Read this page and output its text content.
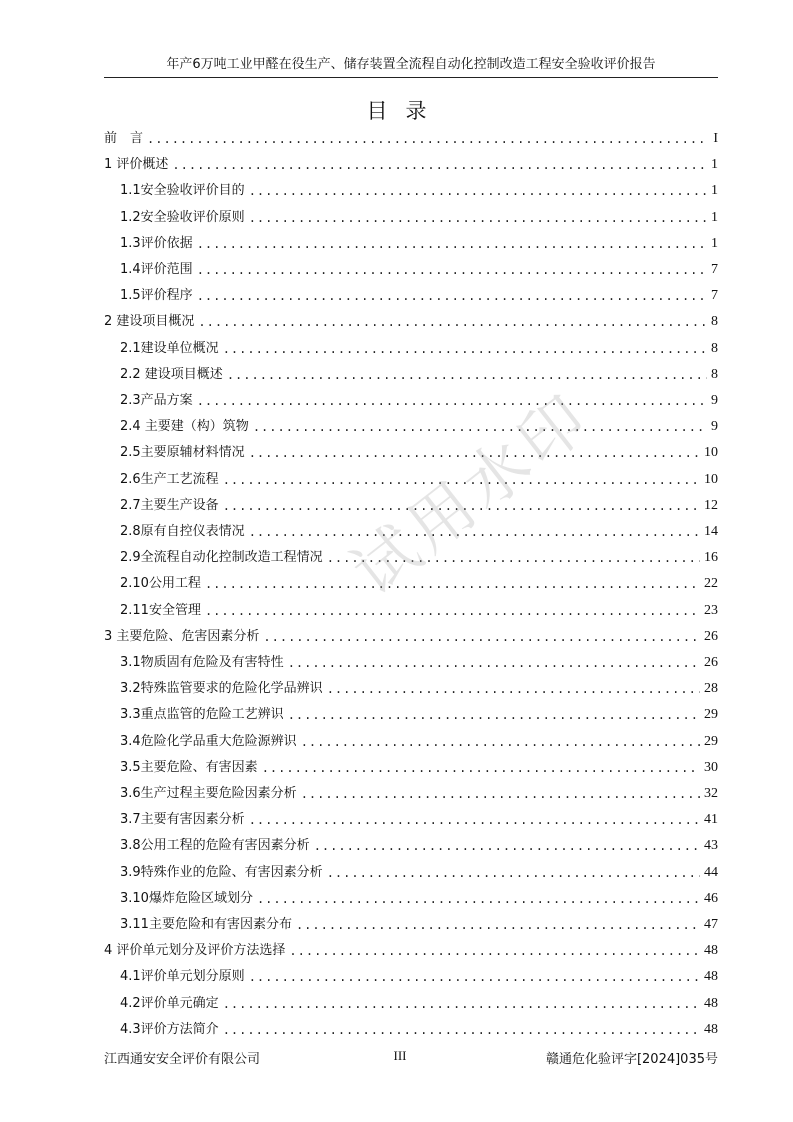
年产6万吨工业甲醛在役生产、储存装置全流程自动化控制改造工程安全验收评价报告
目录
前　言 .....	I
1 评价概述 .....	1
1.1安全验收评价目的 .....	1
1.2安全验收评价原则 .....	1
1.3评价依据 .....	1
1.4评价范围 .....	7
1.5评价程序 .....	7
2 建设项目概况 .....	8
2.1建设单位概况 .....	8
2.2 建设项目概述 .....	8
2.3产品方案 .....	9
2.4 主要建（构）筑物 .....	9
2.5主要原辅材料情况 .....	10
2.6生产工艺流程 .....	10
2.7主要生产设备 .....	12
2.8原有自控仪表情况 .....	14
2.9全流程自动化控制改造工程情况 .....	16
2.10公用工程 .....	22
2.11安全管理 .....	23
3 主要危险、危害因素分析 .....	26
3.1物质固有危险及有害特性 .....	26
3.2特殊监管要求的危险化学品辨识 .....	28
3.3重点监管的危险工艺辨识 .....	29
3.4危险化学品重大危险源辨识 .....	29
3.5主要危险、有害因素 .....	30
3.6生产过程主要危险因素分析 .....	32
3.7主要有害因素分析 .....	41
3.8公用工程的危险有害因素分析 .....	43
3.9特殊作业的危险、有害因素分析 .....	44
3.10爆炸危险区域划分 .....	46
3.11主要危险和有害因素分布 .....	47
4 评价单元划分及评价方法选择 .....	48
4.1评价单元划分原则 .....	48
4.2评价单元确定 .....	48
4.3评价方法简介 .....	48
试用水印
江西通安安全评价有限公司	III	赣通危化验评字[2024]035号
